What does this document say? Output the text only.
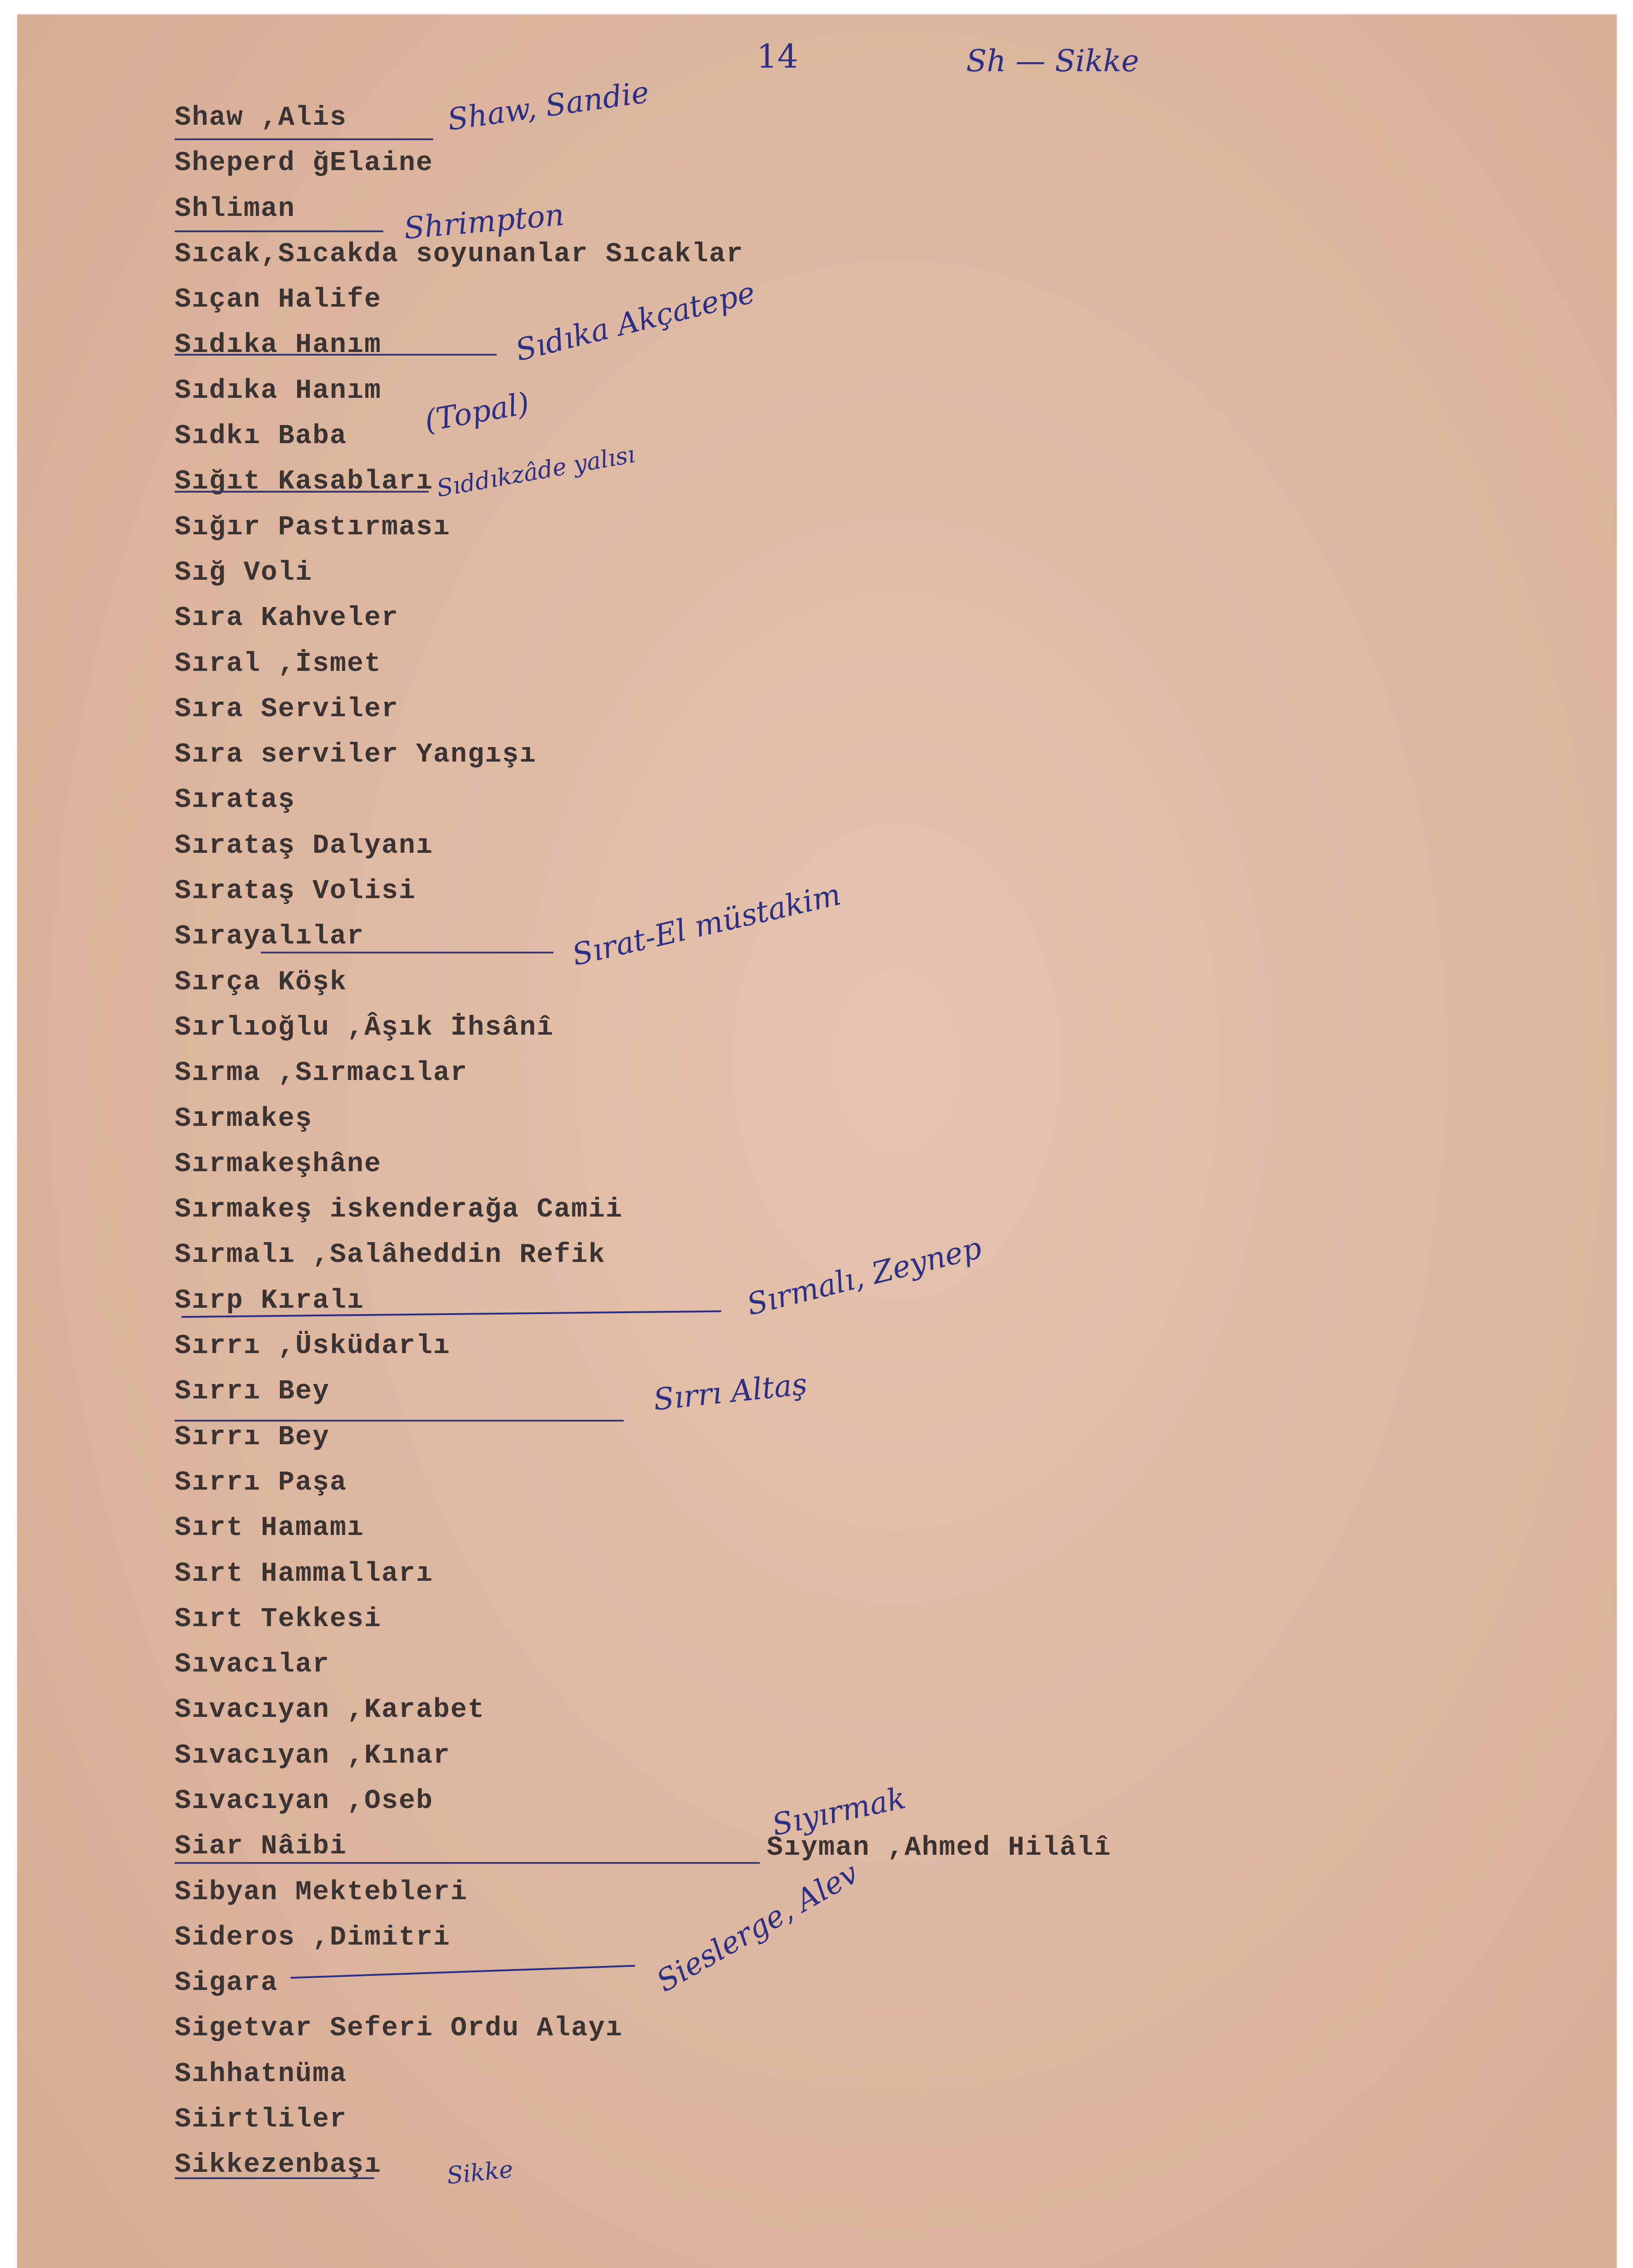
14	Sh — Sikke
Shaw ,Alis
Sheperd ğElaine
Shliman
Sıcak,Sıcakda soyunanlar Sıcaklar
Sıçan Halife
Sıdıka Hanım
Sıdıka Hanım
Sıdkı Baba
Sığıt Kasabları
Sığır Pastırması
Sığ Voli
Sıra Kahveler
Sıral ,İsmet
Sıra Serviler
Sıra serviler Yangışı
Sırataş
Sırataş Dalyanı
Sırataş Volisi
Sırayalılar
Sırça Köşk
Sırlıoğlu ,Âşık İhsânî
Sırma ,Sırmacılar
Sırmakeş
Sırmakeşhâne
Sırmakeş iskenderağa Camii
Sırmalı ,Salâheddin Refik
Sırp Kıralı
Sırrı ,Üsküdarlı
Sırrı Bey
Sırrı Bey
Sırrı Paşa
Sırt Hamamı
Sırt Hammalları
Sırt Tekkesi
Sıvacılar
Sıvacıyan ,Karabet
Sıvacıyan ,Kınar
Sıvacıyan ,Oseb
Siar Nâibi
Sibyan Mektebleri
Sideros ,Dimitri
Sigara
Sigetvar Seferi Ordu Alayı
Sıhhatnüma
Siirtliler
Sikkezenbaşı
Sıyman ,Ahmed Hilâlî
Shaw, Sandie
Shrimpton
Sıdıka Akçatepe
(Topal)
Sıddıkzâde yalısı
Sırat-El müstakim
Sırmalı, Zeynep
Sırrı Altaş
Sıyırmak
Sieslerge, Alev
Sikke
